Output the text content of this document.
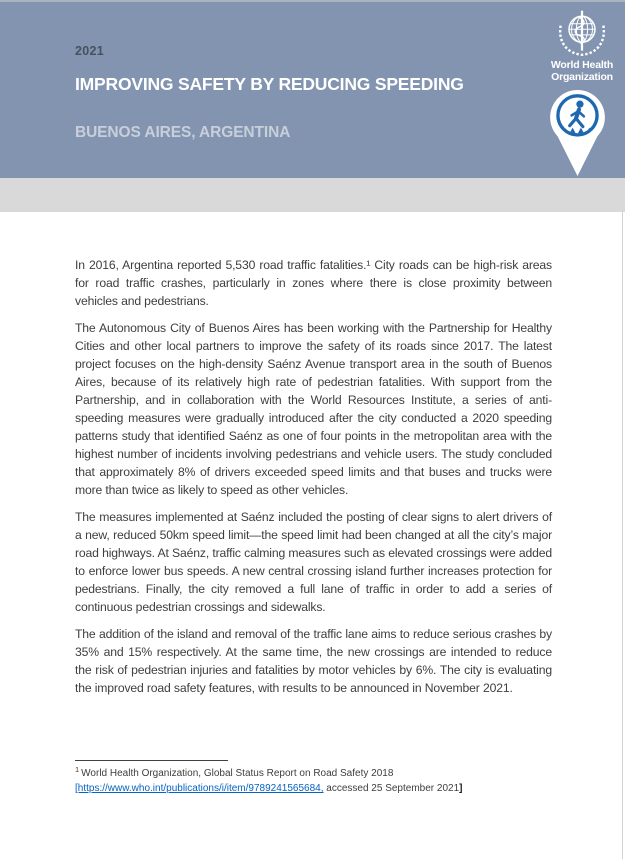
2021
IMPROVING SAFETY BY REDUCING SPEEDING
BUENOS AIRES, ARGENTINA
World Health
Organization

In 2016, Argentina reported 5,530 road traffic fatalities.¹ City roads can be high-risk areas for road traffic crashes, particularly in zones where there is close proximity between vehicles and pedestrians.

The Autonomous City of Buenos Aires has been working with the Partnership for Healthy Cities and other local partners to improve the safety of its roads since 2017. The latest project focuses on the high-density Saénz Avenue transport area in the south of Buenos Aires, because of its relatively high rate of pedestrian fatalities. With support from the Partnership, and in collaboration with the World Resources Institute, a series of anti-speeding measures were gradually introduced after the city conducted a 2020 speeding patterns study that identified Saénz as one of four points in the metropolitan area with the highest number of incidents involving pedestrians and vehicle users. The study concluded that approximately 8% of drivers exceeded speed limits and that buses and trucks were more than twice as likely to speed as other vehicles.

The measures implemented at Saénz included the posting of clear signs to alert drivers of a new, reduced 50km speed limit—the speed limit had been changed at all the city’s major road highways. At Saénz, traffic calming measures such as elevated crossings were added to enforce lower bus speeds. A new central crossing island further increases protection for pedestrians. Finally, the city removed a full lane of traffic in order to add a series of continuous pedestrian crossings and sidewalks.

The addition of the island and removal of the traffic lane aims to reduce serious crashes by 35% and 15% respectively. At the same time, the new crossings are intended to reduce the risk of pedestrian injuries and fatalities by motor vehicles by 6%. The city is evaluating the improved road safety features, with results to be announced in November 2021.

$^1$ World Health Organization, Global Status Report on Road Safety 2018
[https://www.who.int/publications/i/item/9789241565684, accessed 25 September 2021]
